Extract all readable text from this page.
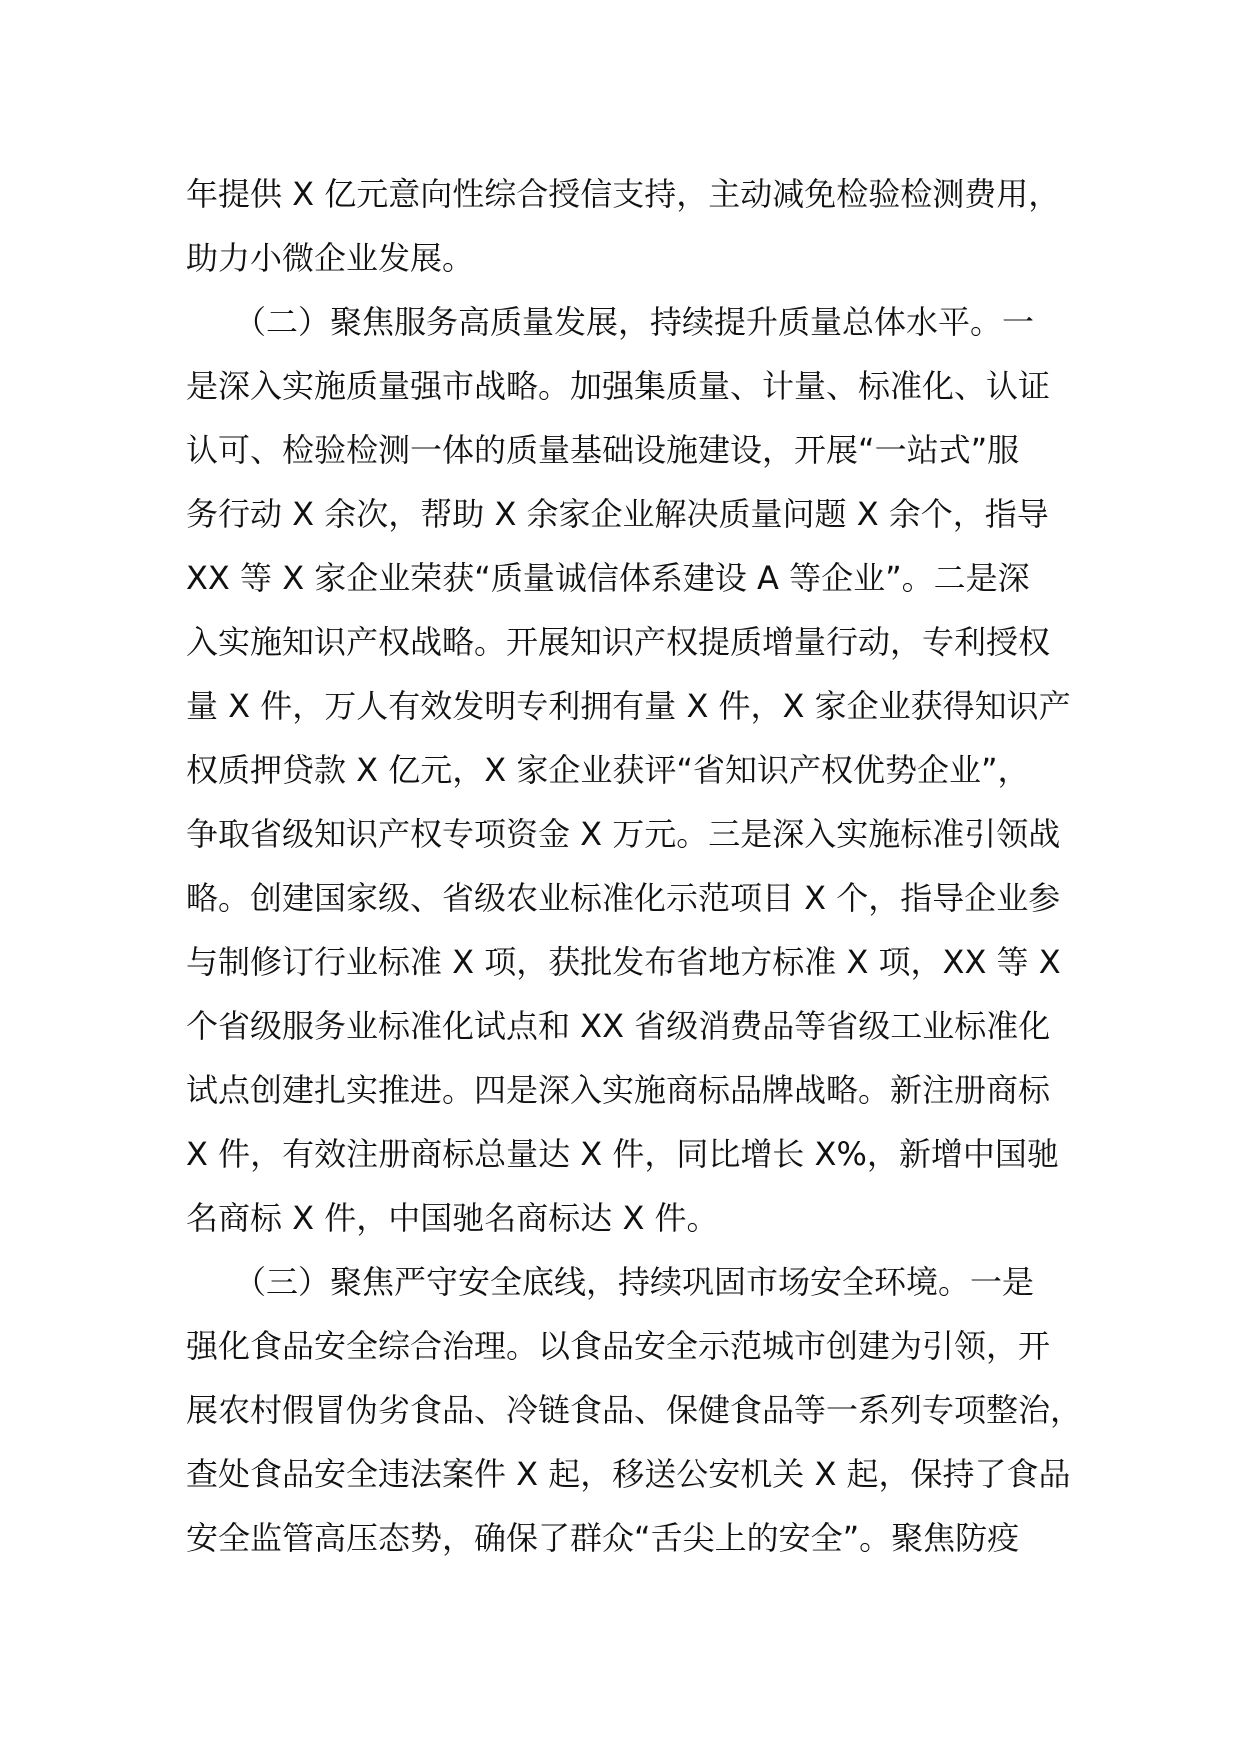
年提供 X 亿元意向性综合授信支持，主动减免检验检测费用，
助力小微企业发展。
　　（二）聚焦服务高质量发展，持续提升质量总体水平。一
是深入实施质量强市战略。加强集质量、计量、标准化、认证
认可、检验检测一体的质量基础设施建设，开展“一站式”服
务行动 X 余次，帮助 X 余家企业解决质量问题 X 余个，指导
XX 等 X 家企业荣获“质量诚信体系建设 A 等企业”。二是深
入实施知识产权战略。开展知识产权提质增量行动，专利授权
量 X 件，万人有效发明专利拥有量 X 件，X 家企业获得知识产
权质押贷款 X 亿元，X 家企业获评“省知识产权优势企业”，
争取省级知识产权专项资金 X 万元。三是深入实施标准引领战
略。创建国家级、省级农业标准化示范项目 X 个，指导企业参
与制修订行业标准 X 项，获批发布省地方标准 X 项，XX 等 X
个省级服务业标准化试点和 XX 省级消费品等省级工业标准化
试点创建扎实推进。四是深入实施商标品牌战略。新注册商标
X 件，有效注册商标总量达 X 件，同比增长 X%，新增中国驰
名商标 X 件，中国驰名商标达 X 件。
　　（三）聚焦严守安全底线，持续巩固市场安全环境。一是
强化食品安全综合治理。以食品安全示范城市创建为引领，开
展农村假冒伪劣食品、冷链食品、保健食品等一系列专项整治，
查处食品安全违法案件 X 起，移送公安机关 X 起，保持了食品
安全监管高压态势，确保了群众“舌尖上的安全”。聚焦防疫
